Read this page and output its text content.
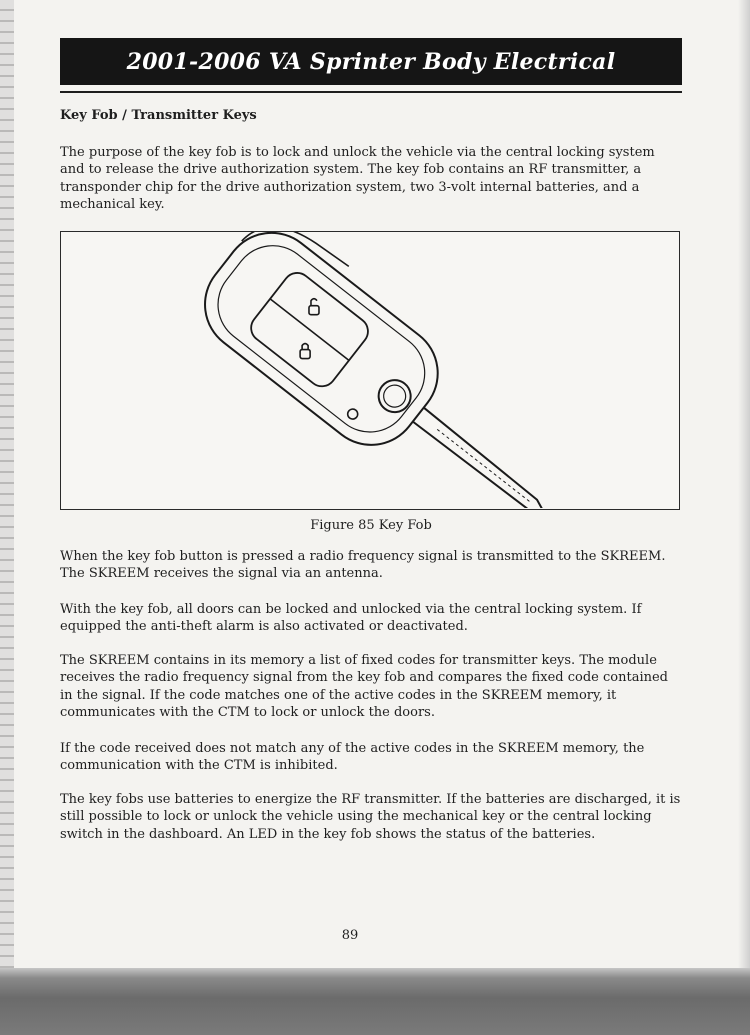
2001-2006 VA Sprinter Body Electrical
Key Fob / Transmitter Keys

The purpose of the key fob is to lock and unlock the vehicle via the central locking system and to release the drive authorization system. The key fob contains an RF transmitter, a transponder chip for the drive authorization system, two 3-volt internal batteries, and a mechanical key.

Figure 85 Key Fob

When the key fob button is pressed a radio frequency signal is transmitted to the SKREEM. The SKREEM receives the signal via an antenna.

With the key fob, all doors can be locked and unlocked via the central locking system. If equipped the anti-theft alarm is also activated or deactivated.

The SKREEM contains in its memory a list of fixed codes for transmitter keys. The module receives the radio frequency signal from the key fob and compares the fixed code contained in the signal. If the code matches one of the active codes in the SKREEM memory, it communicates with the CTM to lock or unlock the doors.

If the code received does not match any of the active codes in the SKREEM memory, the communication with the CTM is inhibited.

The key fobs use batteries to energize the RF transmitter. If the batteries are discharged, it is still possible to lock or unlock the vehicle using the mechanical key or the central locking switch in the dashboard. An LED in the key fob shows the status of the batteries.

89
